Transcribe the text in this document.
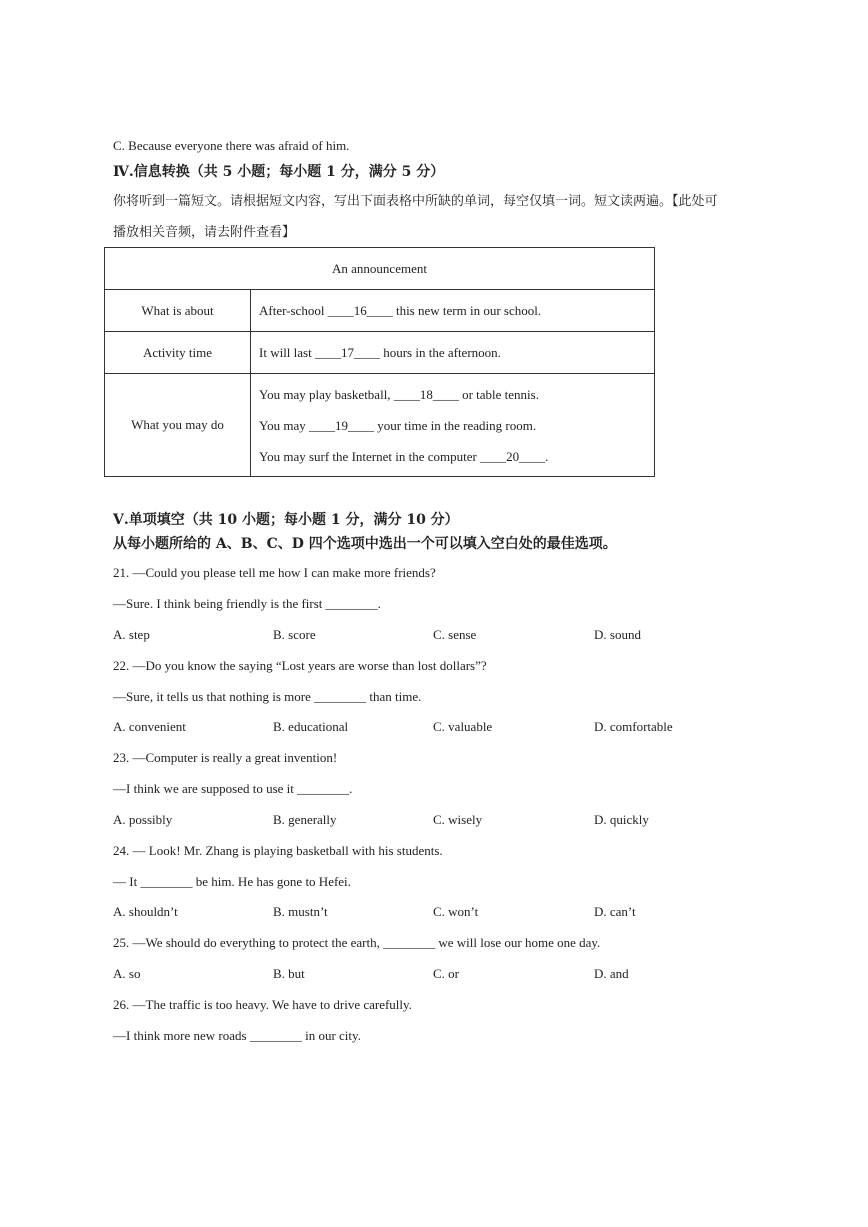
C. Because everyone there was afraid of him.
Ⅳ.信息转换（共 5 小题；每小题 1 分，满分 5 分）
你将听到一篇短文。请根据短文内容，写出下面表格中所缺的单词，每空仅填一词。短文读两遍。【此处可
播放相关音频，请去附件查看】
An announcement	
What is about	After-school ____16____ this new term in our school.
Activity time	It will last ____17____ hours in the afternoon.
What you may do	You may play basketball, ____18____ or table tennis.
You may ____19____ your time in the reading room.
You may surf the Internet in the computer ____20____.
Ⅴ.单项填空（共 10 小题；每小题 1 分，满分 10 分）
从每小题所给的 A、B、C、D 四个选项中选出一个可以填入空白处的最佳选项。
21. —Could you please tell me how I can make more friends?
—Sure. I think being friendly is the first ________.
A. step	B. score	C. sense	D. sound
22. —Do you know the saying “Lost years are worse than lost dollars”?
—Sure, it tells us that nothing is more ________ than time.
A. convenient	B. educational	C. valuable	D. comfortable
23. —Computer is really a great invention!
—I think we are supposed to use it ________.
A. possibly	B. generally	C. wisely	D. quickly
24. — Look! Mr. Zhang is playing basketball with his students.
— It ________ be him. He has gone to Hefei.
A. shouldn’t	B. mustn’t	C. won’t	D. can’t
25. —We should do everything to protect the earth, ________ we will lose our home one day.
A. so	B. but	C. or	D. and
26. —The traffic is too heavy. We have to drive carefully.
—I think more new roads ________ in our city.
